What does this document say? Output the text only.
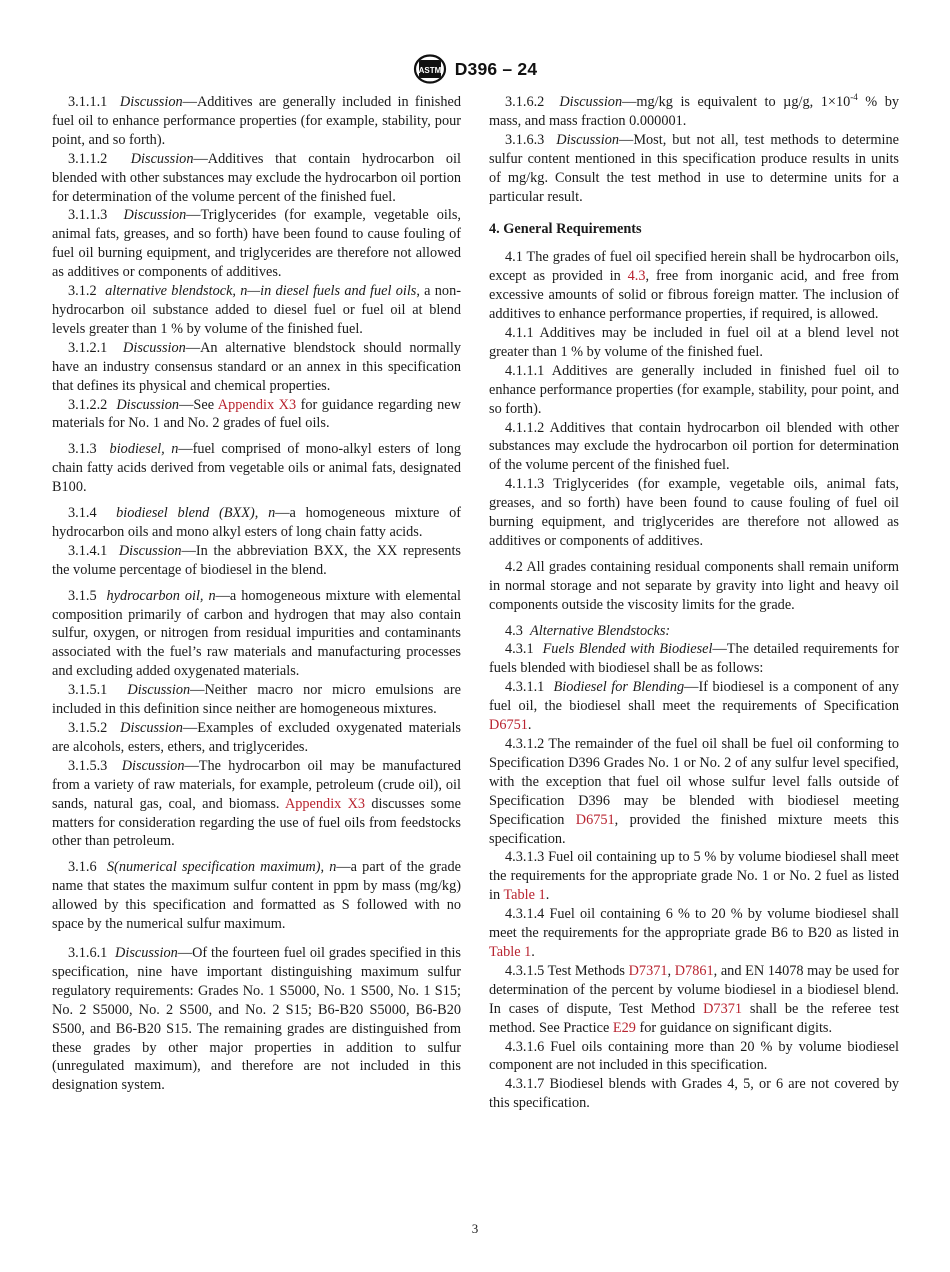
ASTM D396 – 24

3.1.1.1 Discussion—Additives are generally included in finished fuel oil to enhance performance properties (for example, stability, pour point, and so forth).

3.1.1.2 Discussion—Additives that contain hydrocarbon oil blended with other substances may exclude the hydrocarbon oil portion for determination of the volume percent of the finished fuel.

3.1.1.3 Discussion—Triglycerides (for example, vegetable oils, animal fats, greases, and so forth) have been found to cause fouling of fuel oil burning equipment, and triglycerides are therefore not allowed as additives or components of additives.

3.1.2 alternative blendstock, n—in diesel fuels and fuel oils, a non-hydrocarbon oil substance added to diesel fuel or fuel oil at blend levels greater than 1 % by volume of the finished fuel.

3.1.2.1 Discussion—An alternative blendstock should normally have an industry consensus standard or an annex in this specification that defines its physical and chemical properties.

3.1.2.2 Discussion—See Appendix X3 for guidance regarding new materials for No. 1 and No. 2 grades of fuel oils.

3.1.3 biodiesel, n—fuel comprised of mono-alkyl esters of long chain fatty acids derived from vegetable oils or animal fats, designated B100.

3.1.4 biodiesel blend (BXX), n—a homogeneous mixture of hydrocarbon oils and mono alkyl esters of long chain fatty acids.

3.1.4.1 Discussion—In the abbreviation BXX, the XX represents the volume percentage of biodiesel in the blend.

3.1.5 hydrocarbon oil, n—a homogeneous mixture with elemental composition primarily of carbon and hydrogen that may also contain sulfur, oxygen, or nitrogen from residual impurities and contaminants associated with the fuel’s raw materials and manufacturing processes and excluding added oxygenated materials.

3.1.5.1 Discussion—Neither macro nor micro emulsions are included in this definition since neither are homogeneous mixtures.

3.1.5.2 Discussion—Examples of excluded oxygenated materials are alcohols, esters, ethers, and triglycerides.

3.1.5.3 Discussion—The hydrocarbon oil may be manufactured from a variety of raw materials, for example, petroleum (crude oil), oil sands, natural gas, coal, and biomass. Appendix X3 discusses some matters for consideration regarding the use of fuel oils from feedstocks other than petroleum.

3.1.6 S(numerical specification maximum), n—a part of the grade name that states the maximum sulfur content in ppm by mass (mg/kg) allowed by this specification and formatted as S followed with no space by the numerical sulfur maximum.

3.1.6.1 Discussion—Of the fourteen fuel oil grades specified in this specification, nine have important distinguishing maximum sulfur regulatory requirements: Grades No. 1 S5000, No. 1 S500, No. 1 S15; No. 2 S5000, No. 2 S500, and No. 2 S15; B6-B20 S5000, B6-B20 S500, and B6-B20 S15. The remaining grades are distinguished from these grades by other major properties in addition to sulfur (unregulated maximum), and therefore are not included in this designation system.

3.1.6.2 Discussion—mg/kg is equivalent to µg/g, $1\times 10^{-4}$ % by mass, and mass fraction 0.000001.

3.1.6.3 Discussion—Most, but not all, test methods to determine sulfur content mentioned in this specification produce results in units of mg/kg. Consult the test method in use to determine units for a particular result.

4. General Requirements

4.1 The grades of fuel oil specified herein shall be hydrocarbon oils, except as provided in 4.3, free from inorganic acid, and free from excessive amounts of solid or fibrous foreign matter. The inclusion of additives to enhance performance properties, if required, is allowed.

4.1.1 Additives may be included in fuel oil at a blend level not greater than 1 % by volume of the finished fuel.

4.1.1.1 Additives are generally included in finished fuel oil to enhance performance properties (for example, stability, pour point, and so forth).

4.1.1.2 Additives that contain hydrocarbon oil blended with other substances may exclude the hydrocarbon oil portion for determination of the volume percent of the finished fuel.

4.1.1.3 Triglycerides (for example, vegetable oils, animal fats, greases, and so forth) have been found to cause fouling of fuel oil burning equipment, and triglycerides are therefore not allowed as additives or components of additives.

4.2 All grades containing residual components shall remain uniform in normal storage and not separate by gravity into light and heavy oil components outside the viscosity limits for the grade.

4.3 Alternative Blendstocks:

4.3.1 Fuels Blended with Biodiesel—The detailed requirements for fuels blended with biodiesel shall be as follows:

4.3.1.1 Biodiesel for Blending—If biodiesel is a component of any fuel oil, the biodiesel shall meet the requirements of Specification D6751.

4.3.1.2 The remainder of the fuel oil shall be fuel oil conforming to Specification D396 Grades No. 1 or No. 2 of any sulfur level specified, with the exception that fuel oil whose sulfur level falls outside of Specification D396 may be blended with biodiesel meeting Specification D6751, provided the finished mixture meets this specification.

4.3.1.3 Fuel oil containing up to 5 % by volume biodiesel shall meet the requirements for the appropriate grade No. 1 or No. 2 fuel as listed in Table 1.

4.3.1.4 Fuel oil containing 6 % to 20 % by volume biodiesel shall meet the requirements for the appropriate grade B6 to B20 as listed in Table 1.

4.3.1.5 Test Methods D7371, D7861, and EN 14078 may be used for determination of the percent by volume biodiesel in a biodiesel blend. In cases of dispute, Test Method D7371 shall be the referee test method. See Practice E29 for guidance on significant digits.

4.3.1.6 Fuel oils containing more than 20 % by volume biodiesel component are not included in this specification.

4.3.1.7 Biodiesel blends with Grades 4, 5, or 6 are not covered by this specification.

3
